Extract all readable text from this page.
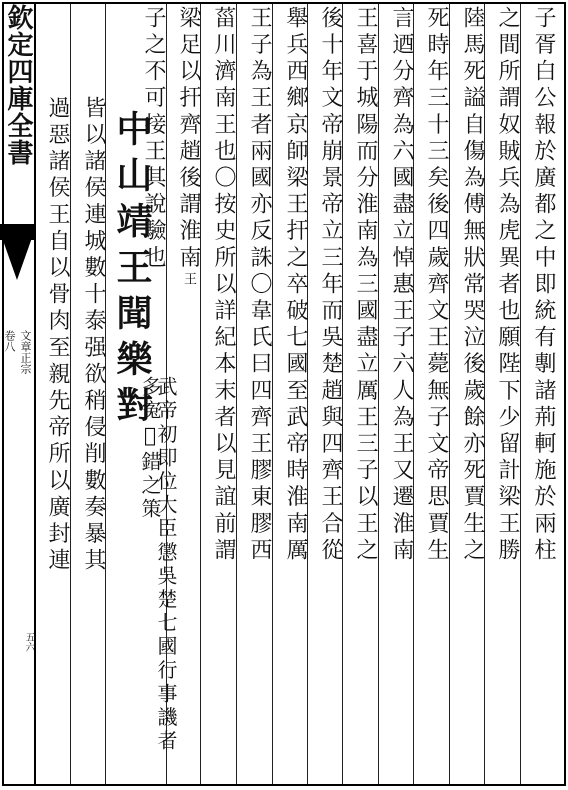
欽定四庫全書
卷八 文章正宗
五六
子胥白公報於廣都之中即統有剸諸荊軻施於兩柱
之間所謂奴賊兵為虎異者也願陛下少留計梁王勝
陸馬死謚自傷為傅無狀常哭泣後歲餘亦死賈生之
死時年三十三矣後四歲齊文王薨無子文帝思賈生
言迺分齊為六國盡立悼惠王子六人為王又遷淮南
王喜于城陽而分淮南為三國盡立厲王三子以王之
後十年文帝崩景帝立三年而吳楚趙與四齊王合從
舉兵西鄉京師梁王扞之卒破七國至武帝時淮南厲
王子為王者兩國亦反誅〇韋氏曰四齊王膠東膠西
菑川濟南王也〇按史所以詳紀本末者以見誼前謂
梁足以扞齊趙後謂淮南王
子之不可接王其說驗也
中山靖王聞樂對
武帝初即位大臣懲吳楚七國行事譏者多寃𨓆錯之策
皆以諸侯連城數十泰强欲稍侵削數奏暴其
過惡諸侯王自以骨肉至親先帝所以廣封連
